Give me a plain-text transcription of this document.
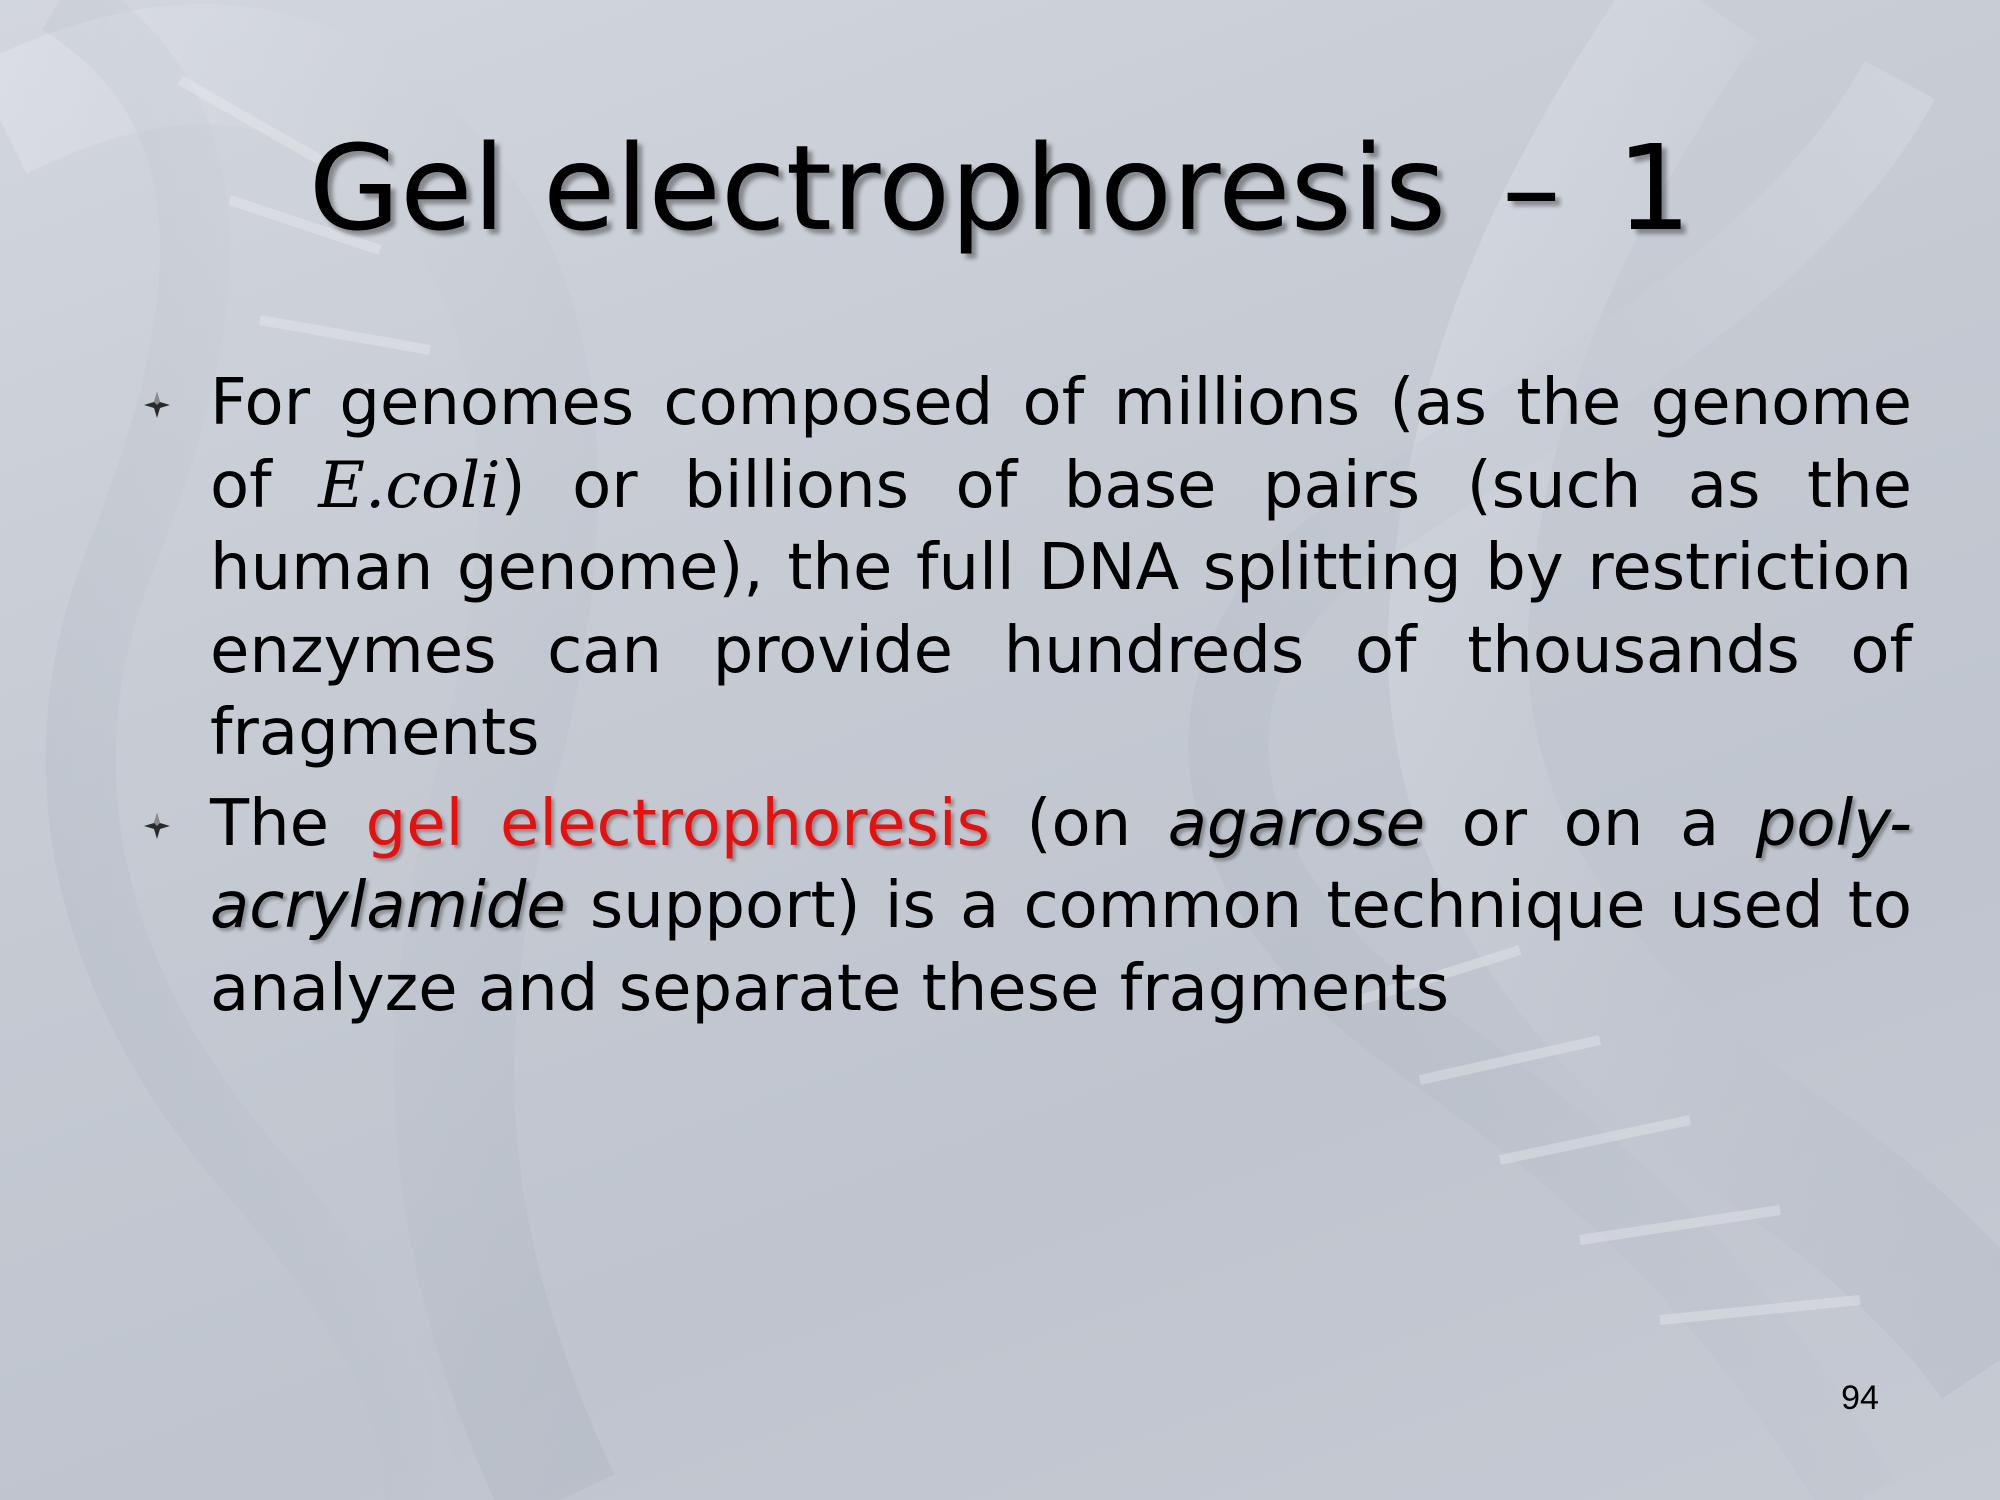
Gel electrophoresis – 1
For genomes composed of millions (as the genome of E.coli) or billions of base pairs (such as the human genome), the full DNA splitting by restriction enzymes can provide hundreds of thousands of fragments
The gel electrophoresis (on agarose or on a poly-acrylamide support) is a common technique used to analyze and separate these fragments
94
